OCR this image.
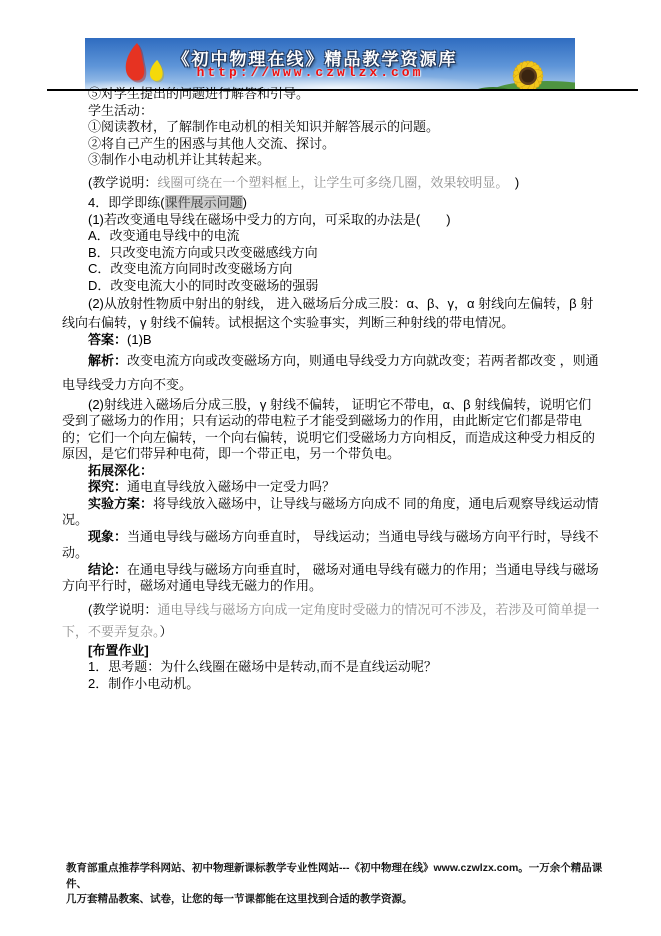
《初中物理在线》精品教学资源库
http://www.czwlzx.com
⑤对学生提出的问题进行解答和引导。
学生活动：
①阅读教材，了解制作电动机的相关知识并解答展示的问题。
②将自己产生的困惑与其他人交流、探讨。
③制作小电动机并让其转起来。
(教学说明：线圈可绕在一个塑料框上，让学生可多绕几圈，效果较明显。　)
4．即学即练(课件展示问题)
(1)若改变通电导线在磁场中受力的方向，可采取的办法是(　　)
A．改变通电导线中的电流
B．只改变电流方向或只改变磁感线方向
C．改变电流方向同时改变磁场方向
D．改变电流大小的同时改变磁场的强弱
(2)从放射性物质中射出的射线， 进入磁场后分成三股：α、β、γ，α 射线向左偏转，β 射线向右偏转，γ 射线不偏转。试根据这个实验事实，判断三种射线的带电情况。
答案：(1)B
解析：改变电流方向或改变磁场方向，则通电导线受力方向就改变；若两者都改变 ，则通电导线受力方向不变。
(2)射线进入磁场后分成三股，γ 射线不偏转， 证明它不带电，α、β 射线偏转，说明它们受到了磁场力的作用；只有运动的带电粒子才能受到磁场力的作用，由此断定它们都是带电的；它们一个向左偏转，一个向右偏转，说明它们受磁场力方向相反，而造成这种受力相反的原因，是它们带异种电荷，即一个带正电，另一个带负电。
拓展深化：
探究：通电直导线放入磁场中一定受力吗？
实验方案：将导线放入磁场中，让导线与磁场方向成不 同的角度，通电后观察导线运动情况。
现象：当通电导线与磁场方向垂直时， 导线运动；当通电导线与磁场方向平行时，导线不动。
结论：在通电导线与磁场方向垂直时， 磁场对通电导线有磁力的作用；当通电导线与磁场方向平行时，磁场对通电导线无磁力的作用。
(教学说明：通电导线与磁场方向成一定角度时受磁力的情况可不涉及，若涉及可简单提一下，不要弄复杂。）
[布置作业]
1．思考题：为什么线圈在磁场中是转动,而不是直线运动呢？
2．制作小电动机。
教育部重点推荐学科网站、初中物理新课标教学专业性网站---《初中物理在线》www.czwlzx.com。一万余个精品课件、
几万套精品教案、试卷，让您的每一节课都能在这里找到合适的教学资源。
